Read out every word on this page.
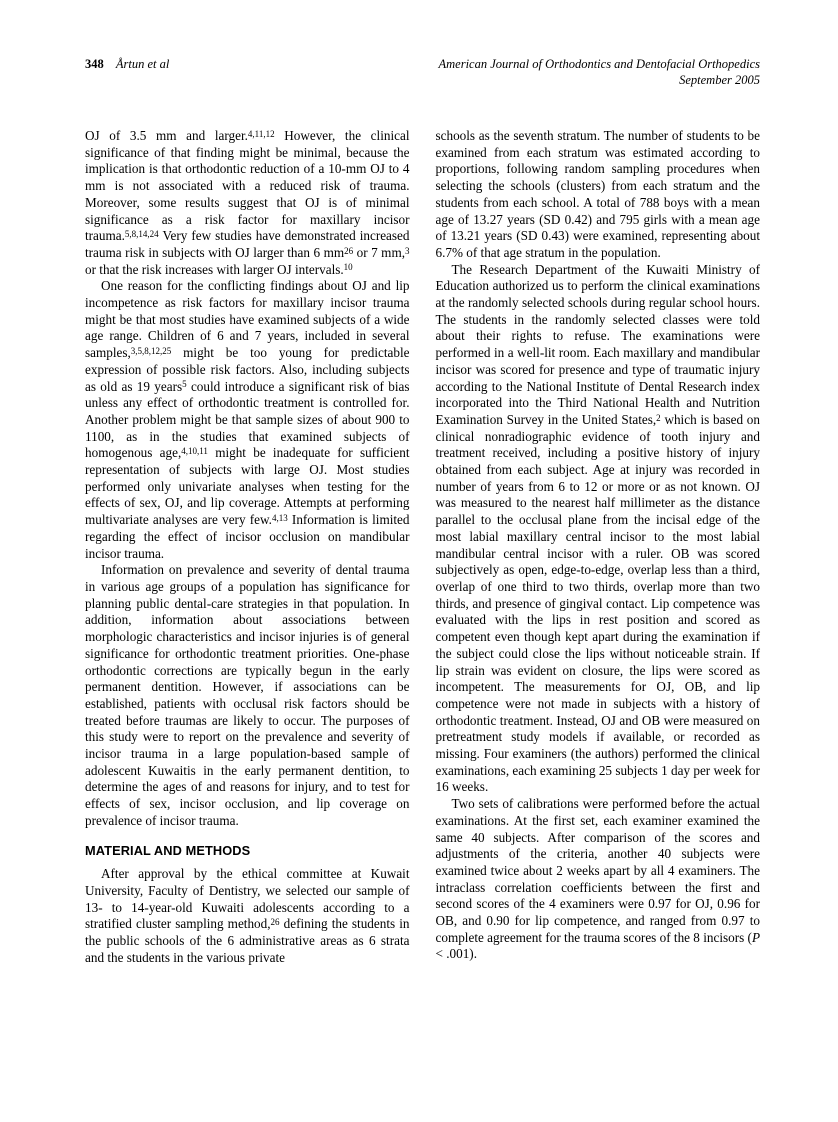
348 Årtun et al	American Journal of Orthodontics and Dentofacial Orthopedics
September 2005

OJ of 3.5 mm and larger.$^{4,11,12}$ However, the clinical significance of that finding might be minimal, because the implication is that orthodontic reduction of a 10-mm OJ to 4 mm is not associated with a reduced risk of trauma. Moreover, some results suggest that OJ is of minimal significance as a risk factor for maxillary incisor trauma.$^{5,8,14,24}$ Very few studies have demonstrated increased trauma risk in subjects with OJ larger than 6 mm$^{26}$ or 7 mm,$^3$ or that the risk increases with larger OJ intervals.$^{10}$

One reason for the conflicting findings about OJ and lip incompetence as risk factors for maxillary incisor trauma might be that most studies have examined subjects of a wide age range. Children of 6 and 7 years, included in several samples,$^{3,5,8,12,25}$ might be too young for predictable expression of possible risk factors. Also, including subjects as old as 19 years$^5$ could introduce a significant risk of bias unless any effect of orthodontic treatment is controlled for. Another problem might be that sample sizes of about 900 to 1100, as in the studies that examined subjects of homogenous age,$^{4,10,11}$ might be inadequate for sufficient representation of subjects with large OJ. Most studies performed only univariate analyses when testing for the effects of sex, OJ, and lip coverage. Attempts at performing multivariate analyses are very few.$^{4,13}$ Information is limited regarding the effect of incisor occlusion on mandibular incisor trauma.

Information on prevalence and severity of dental trauma in various age groups of a population has significance for planning public dental-care strategies in that population. In addition, information about associations between morphologic characteristics and incisor injuries is of general significance for orthodontic treatment priorities. One-phase orthodontic corrections are typically begun in the early permanent dentition. However, if associations can be established, patients with occlusal risk factors should be treated before traumas are likely to occur. The purposes of this study were to report on the prevalence and severity of incisor trauma in a large population-based sample of adolescent Kuwaitis in the early permanent dentition, to determine the ages of and reasons for injury, and to test for effects of sex, incisor occlusion, and lip coverage on prevalence of incisor trauma.

MATERIAL AND METHODS

After approval by the ethical committee at Kuwait University, Faculty of Dentistry, we selected our sample of 13- to 14-year-old Kuwaiti adolescents according to a stratified cluster sampling method,$^{26}$ defining the students in the public schools of the 6 administrative areas as 6 strata and the students in the various private

schools as the seventh stratum. The number of students to be examined from each stratum was estimated according to proportions, following random sampling procedures when selecting the schools (clusters) from each stratum and the students from each school. A total of 788 boys with a mean age of 13.27 years (SD 0.42) and 795 girls with a mean age of 13.21 years (SD 0.43) were examined, representing about 6.7% of that age stratum in the population.

The Research Department of the Kuwaiti Ministry of Education authorized us to perform the clinical examinations at the randomly selected schools during regular school hours. The students in the randomly selected classes were told about their rights to refuse. The examinations were performed in a well-lit room. Each maxillary and mandibular incisor was scored for presence and type of traumatic injury according to the National Institute of Dental Research index incorporated into the Third National Health and Nutrition Examination Survey in the United States,$^2$ which is based on clinical nonradiographic evidence of tooth injury and treatment received, including a positive history of injury obtained from each subject. Age at injury was recorded in number of years from 6 to 12 or more or as not known. OJ was measured to the nearest half millimeter as the distance parallel to the occlusal plane from the incisal edge of the most labial maxillary central incisor to the most labial mandibular central incisor with a ruler. OB was scored subjectively as open, edge-to-edge, overlap less than a third, overlap of one third to two thirds, overlap more than two thirds, and presence of gingival contact. Lip competence was evaluated with the lips in rest position and scored as competent even though kept apart during the examination if the subject could close the lips without noticeable strain. If lip strain was evident on closure, the lips were scored as incompetent. The measurements for OJ, OB, and lip competence were not made in subjects with a history of orthodontic treatment. Instead, OJ and OB were measured on pretreatment study models if available, or recorded as missing. Four examiners (the authors) performed the clinical examinations, each examining 25 subjects 1 day per week for 16 weeks.

Two sets of calibrations were performed before the actual examinations. At the first set, each examiner examined the same 40 subjects. After comparison of the scores and adjustments of the criteria, another 40 subjects were examined twice about 2 weeks apart by all 4 examiners. The intraclass correlation coefficients between the first and second scores of the 4 examiners were 0.97 for OJ, 0.96 for OB, and 0.90 for lip competence, and ranged from 0.97 to complete agreement for the trauma scores of the 8 incisors (P < .001).
